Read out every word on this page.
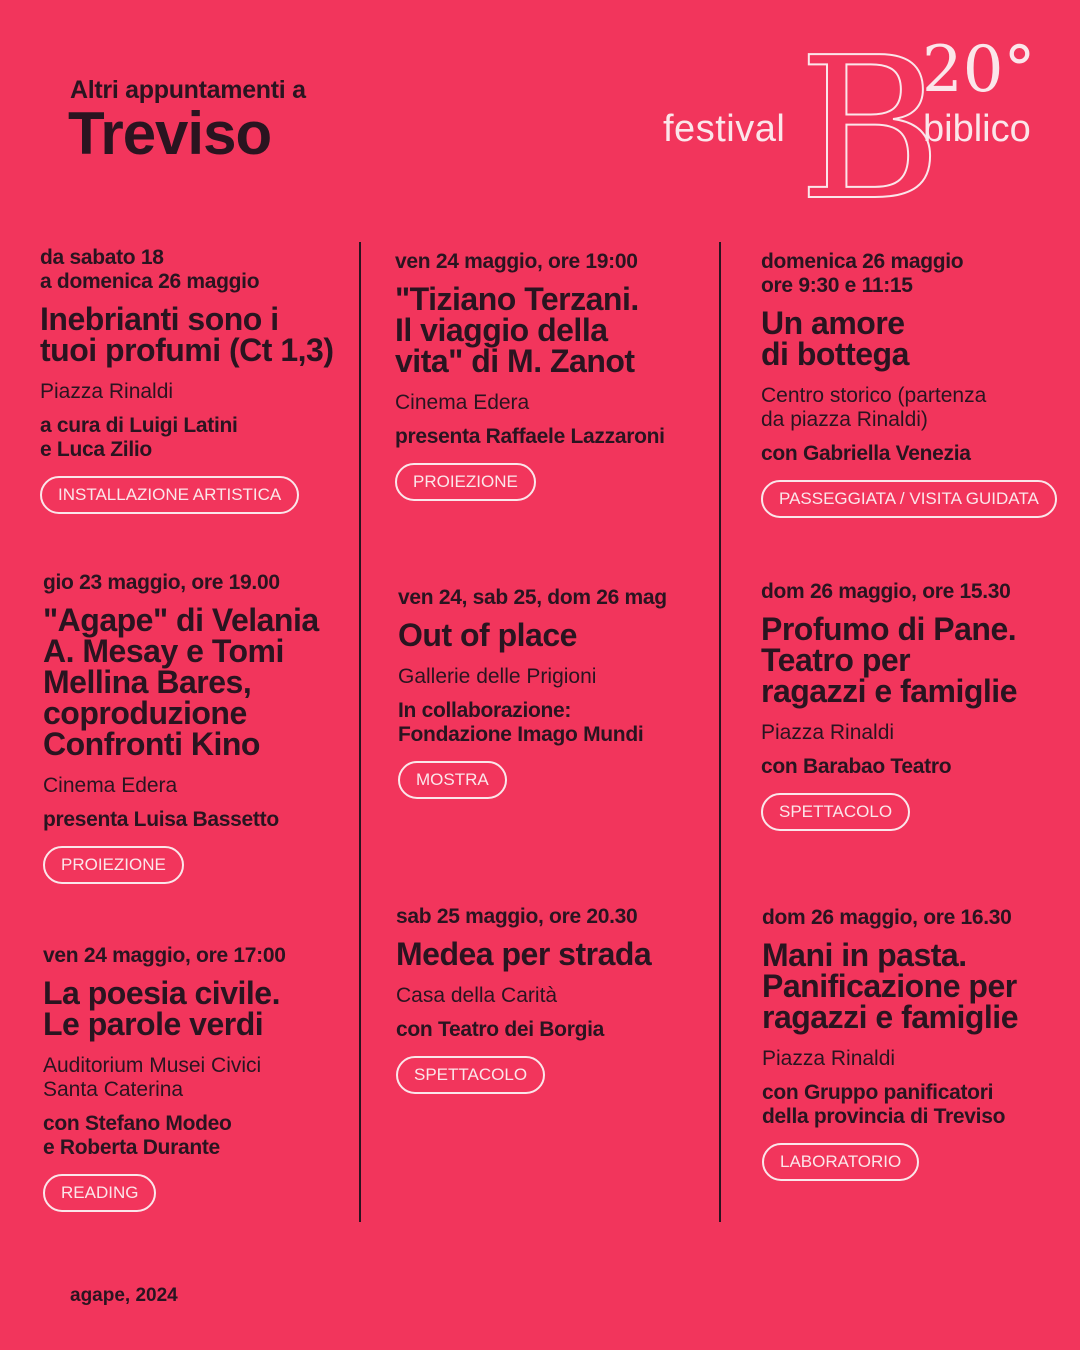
Altri appuntamenti a
Treviso	festival B
20°
biblico
da sabato 18
a domenica 26 maggio
Inebrianti sono i
tuoi profumi (Ct 1,3)
Piazza Rinaldi
a cura di Luigi Latini
e Luca Zilio
INSTALLAZIONE ARTISTICA
gio 23 maggio, ore 19.00
"Agape" di Velania
A. Mesay e Tomi
Mellina Bares,
coproduzione
Confronti Kino
Cinema Edera
presenta Luisa Bassetto
PROIEZIONE
ven 24 maggio, ore 17:00
La poesia civile.
Le parole verdi
Auditorium Musei Civici
Santa Caterina
con Stefano Modeo
e Roberta Durante
READING
ven 24 maggio, ore 19:00
"Tiziano Terzani.
Il viaggio della
vita" di M. Zanot
Cinema Edera
presenta Raffaele Lazzaroni
PROIEZIONE
ven 24, sab 25, dom 26 mag
Out of place
Gallerie delle Prigioni
In collaborazione:
Fondazione Imago Mundi
MOSTRA
sab 25 maggio, ore 20.30
Medea per strada
Casa della Carità
con Teatro dei Borgia
SPETTACOLO
domenica 26 maggio
ore 9:30 e 11:15
Un amore
di bottega
Centro storico (partenza
da piazza Rinaldi)
con Gabriella Venezia
PASSEGGIATA / VISITA GUIDATA
dom 26 maggio, ore 15.30
Profumo di Pane.
Teatro per
ragazzi e famiglie
Piazza Rinaldi
con Barabao Teatro
SPETTACOLO
dom 26 maggio, ore 16.30
Mani in pasta.
Panificazione per
ragazzi e famiglie
Piazza Rinaldi
con Gruppo panificatori
della provincia di Treviso
LABORATORIO
agape, 2024
